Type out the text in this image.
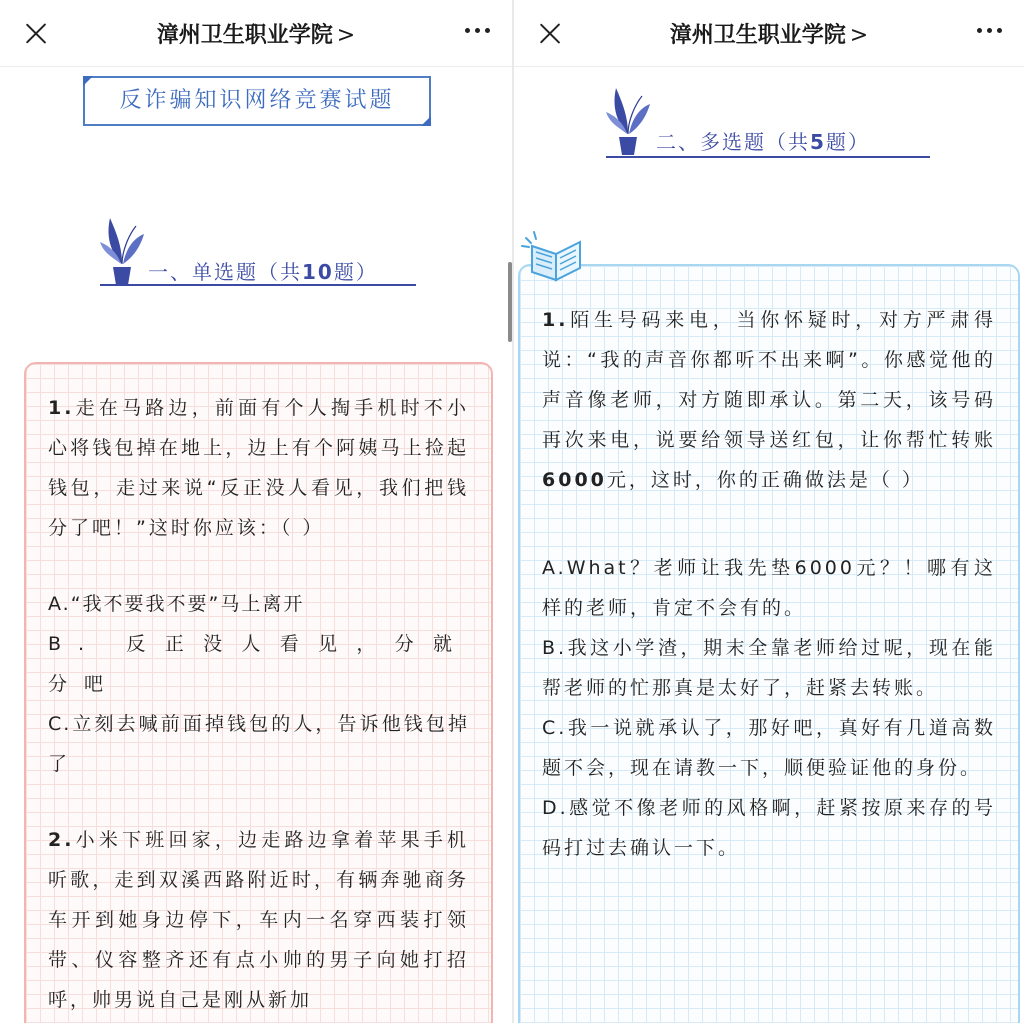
漳州卫生职业学院 >
反诈骗知识网络竞赛试题
一、单选题（共10题）

1.走在马路边，前面有个人掏手机时不小心将钱包掉在地上，边上有个阿姨马上捡起钱包，走过来说“反正没人看见，我们把钱分了吧！”这时你应该：（ ）

A.“我不要我不要”马上离开

B. 反正没人看见，分就分吧

C.立刻去喊前面掉钱包的人，告诉他钱包掉了

2.小米下班回家，边走路边拿着苹果手机听歌，走到双溪西路附近时，有辆奔驰商务车开到她身边停下，车内一名穿西装打领带、仪容整齐还有点小帅的男子向她打招呼，帅男说自己是刚从新加

漳州卫生职业学院 >
二、多选题（共5题）

1.陌生号码来电，当你怀疑时，对方严肃得说：“我的声音你都听不出来啊”。你感觉他的声音像老师，对方随即承认。第二天，该号码再次来电，说要给领导送红包，让你帮忙转账6000元，这时，你的正确做法是（ ）

A.What？老师让我先垫6000元？！哪有这样的老师，肯定不会有的。

B.我这小学渣，期末全靠老师给过呢，现在能帮老师的忙那真是太好了，赶紧去转账。

C.我一说就承认了，那好吧，真好有几道高数题不会，现在请教一下，顺便验证他的身份。

D.感觉不像老师的风格啊，赶紧按原来存的号码打过去确认一下。
